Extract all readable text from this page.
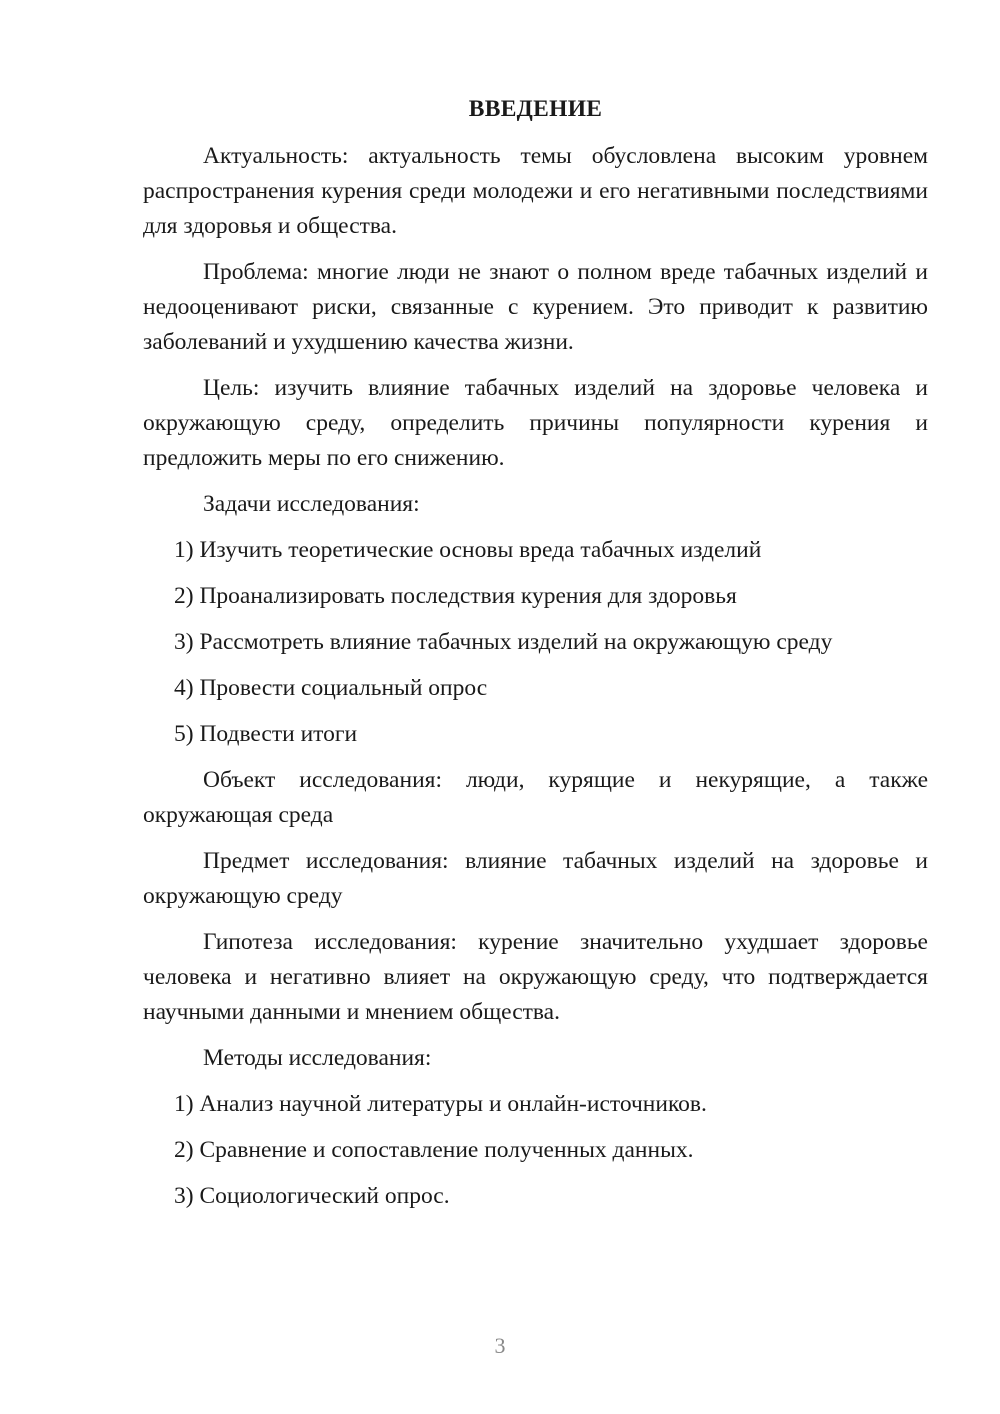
ВВЕДЕНИЕ

Актуальность: актуальность темы обусловлена высоким уровнем распространения курения среди молодежи и его негативными последствиями для здоровья и общества.

Проблема: многие люди не знают о полном вреде табачных изделий и недооценивают риски, связанные с курением. Это приводит к развитию заболеваний и ухудшению качества жизни.

Цель: изучить влияние табачных изделий на здоровье человека и окружающую среду, определить причины популярности курения и предложить меры по его снижению.

Задачи исследования:
1) Изучить теоретические основы вреда табачных изделий
2) Проанализировать последствия курения для здоровья
3) Рассмотреть влияние табачных изделий на окружающую среду
4) Провести социальный опрос
5) Подвести итоги

Объект исследования: люди, курящие и некурящие, а также окружающая среда

Предмет исследования: влияние табачных изделий на здоровье и окружающую среду

Гипотеза исследования: курение значительно ухудшает здоровье человека и негативно влияет на окружающую среду, что подтверждается научными данными и мнением общества.

Методы исследования:
1) Анализ научной литературы и онлайн-источников.
2) Сравнение и сопоставление полученных данных.
3) Социологический опрос.
3
